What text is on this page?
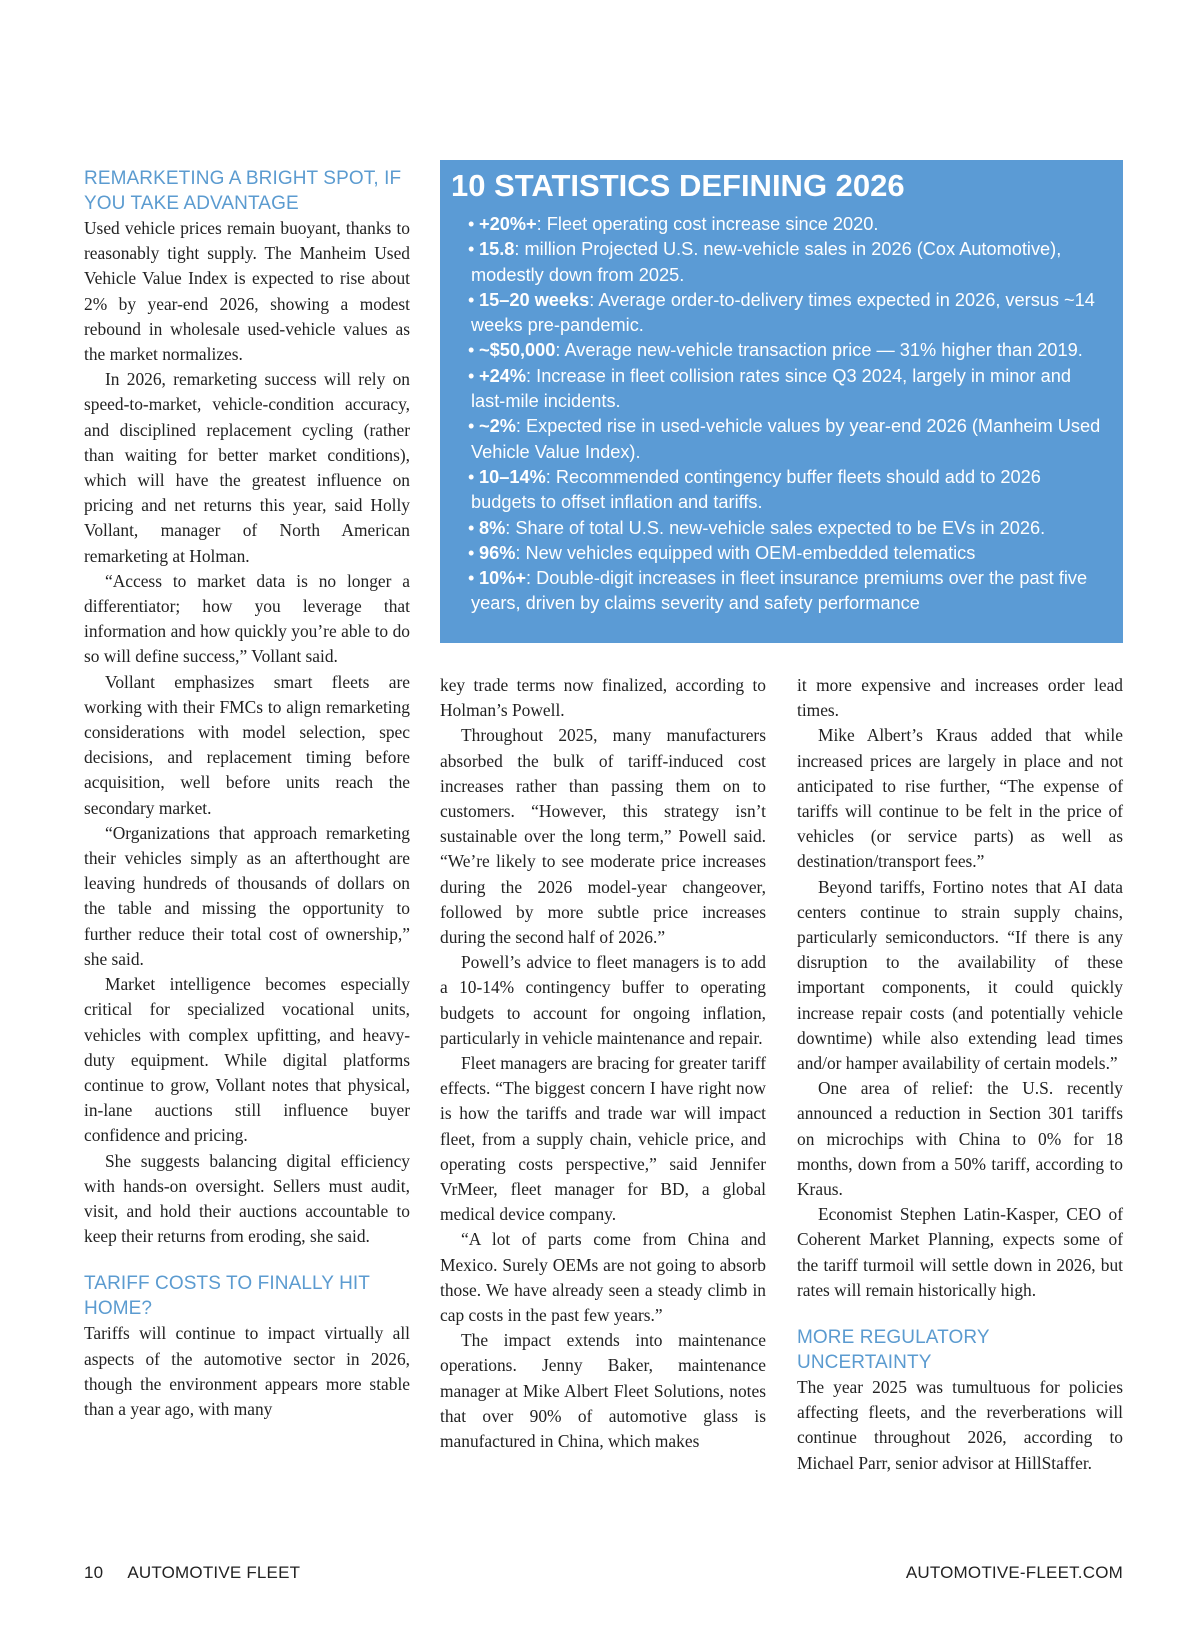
REMARKETING A BRIGHT SPOT, IF YOU TAKE ADVANTAGE

Used vehicle prices remain buoyant, thanks to reasonably tight supply. The Manheim Used Vehicle Value Index is expected to rise about 2% by year-end 2026, showing a modest rebound in wholesale used-vehicle values as the market normalizes.

In 2026, remarketing success will rely on speed-to-market, vehicle-condition accuracy, and disciplined replacement cycling (rather than waiting for better market conditions), which will have the greatest influence on pricing and net returns this year, said Holly Vollant, manager of North American remarketing at Holman.

“Access to market data is no longer a differentiator; how you leverage that information and how quickly you’re able to do so will define success,” Vollant said.

Vollant emphasizes smart fleets are working with their FMCs to align remarketing considerations with model selection, spec decisions, and replacement timing before acquisition, well before units reach the secondary market.

“Organizations that approach remarketing their vehicles simply as an afterthought are leaving hundreds of thousands of dollars on the table and missing the opportunity to further reduce their total cost of ownership,” she said.

Market intelligence becomes especially critical for specialized vocational units, vehicles with complex upfitting, and heavy-duty equipment. While digital platforms continue to grow, Vollant notes that physical, in-lane auctions still influence buyer confidence and pricing.

She suggests balancing digital efficiency with hands-on oversight. Sellers must audit, visit, and hold their auctions accountable to keep their returns from eroding, she said.

TARIFF COSTS TO FINALLY HIT HOME?

Tariffs will continue to impact virtually all aspects of the automotive sector in 2026, though the environment appears more stable than a year ago, with many

10 STATISTICS DEFINING 2026
• +20%+: Fleet operating cost increase since 2020.
• 15.8: million Projected U.S. new-vehicle sales in 2026 (Cox Automotive), modestly down from 2025.
• 15–20 weeks: Average order-to-delivery times expected in 2026, versus ~14 weeks pre-pandemic.
• ~$50,000: Average new-vehicle transaction price — 31% higher than 2019.
• +24%: Increase in fleet collision rates since Q3 2024, largely in minor and last-mile incidents.
• ~2%: Expected rise in used-vehicle values by year-end 2026 (Manheim Used Vehicle Value Index).
• 10–14%: Recommended contingency buffer fleets should add to 2026 budgets to offset inflation and tariffs.
• 8%: Share of total U.S. new-vehicle sales expected to be EVs in 2026.
• 96%: New vehicles equipped with OEM-embedded telematics
• 10%+: Double-digit increases in fleet insurance premiums over the past five years, driven by claims severity and safety performance

key trade terms now finalized, according to Holman’s Powell.

Throughout 2025, many manufacturers absorbed the bulk of tariff-induced cost increases rather than passing them on to customers. “However, this strategy isn’t sustainable over the long term,” Powell said. “We’re likely to see moderate price increases during the 2026 model-year changeover, followed by more subtle price increases during the second half of 2026.”

Powell’s advice to fleet managers is to add a 10-14% contingency buffer to operating budgets to account for ongoing inflation, particularly in vehicle maintenance and repair.

Fleet managers are bracing for greater tariff effects. “The biggest concern I have right now is how the tariffs and trade war will impact fleet, from a supply chain, vehicle price, and operating costs perspective,” said Jennifer VrMeer, fleet manager for BD, a global medical device company.

“A lot of parts come from China and Mexico. Surely OEMs are not going to absorb those. We have already seen a steady climb in cap costs in the past few years.”

The impact extends into maintenance operations. Jenny Baker, maintenance manager at Mike Albert Fleet Solutions, notes that over 90% of automotive glass is manufactured in China, which makes

it more expensive and increases order lead times.

Mike Albert’s Kraus added that while increased prices are largely in place and not anticipated to rise further, “The expense of tariffs will continue to be felt in the price of vehicles (or service parts) as well as destination/transport fees.”

Beyond tariffs, Fortino notes that AI data centers continue to strain supply chains, particularly semiconductors. “If there is any disruption to the availability of these important components, it could quickly increase repair costs (and potentially vehicle downtime) while also extending lead times and/or hamper availability of certain models.”

One area of relief: the U.S. recently announced a reduction in Section 301 tariffs on microchips with China to 0% for 18 months, down from a 50% tariff, according to Kraus.

Economist Stephen Latin-Kasper, CEO of Coherent Market Planning, expects some of the tariff turmoil will settle down in 2026, but rates will remain historically high.

MORE REGULATORY UNCERTAINTY

The year 2025 was tumultuous for policies affecting fleets, and the reverberations will continue throughout 2026, according to Michael Parr, senior advisor at HillStaffer.

10 AUTOMOTIVE FLEET	AUTOMOTIVE-FLEET.COM
